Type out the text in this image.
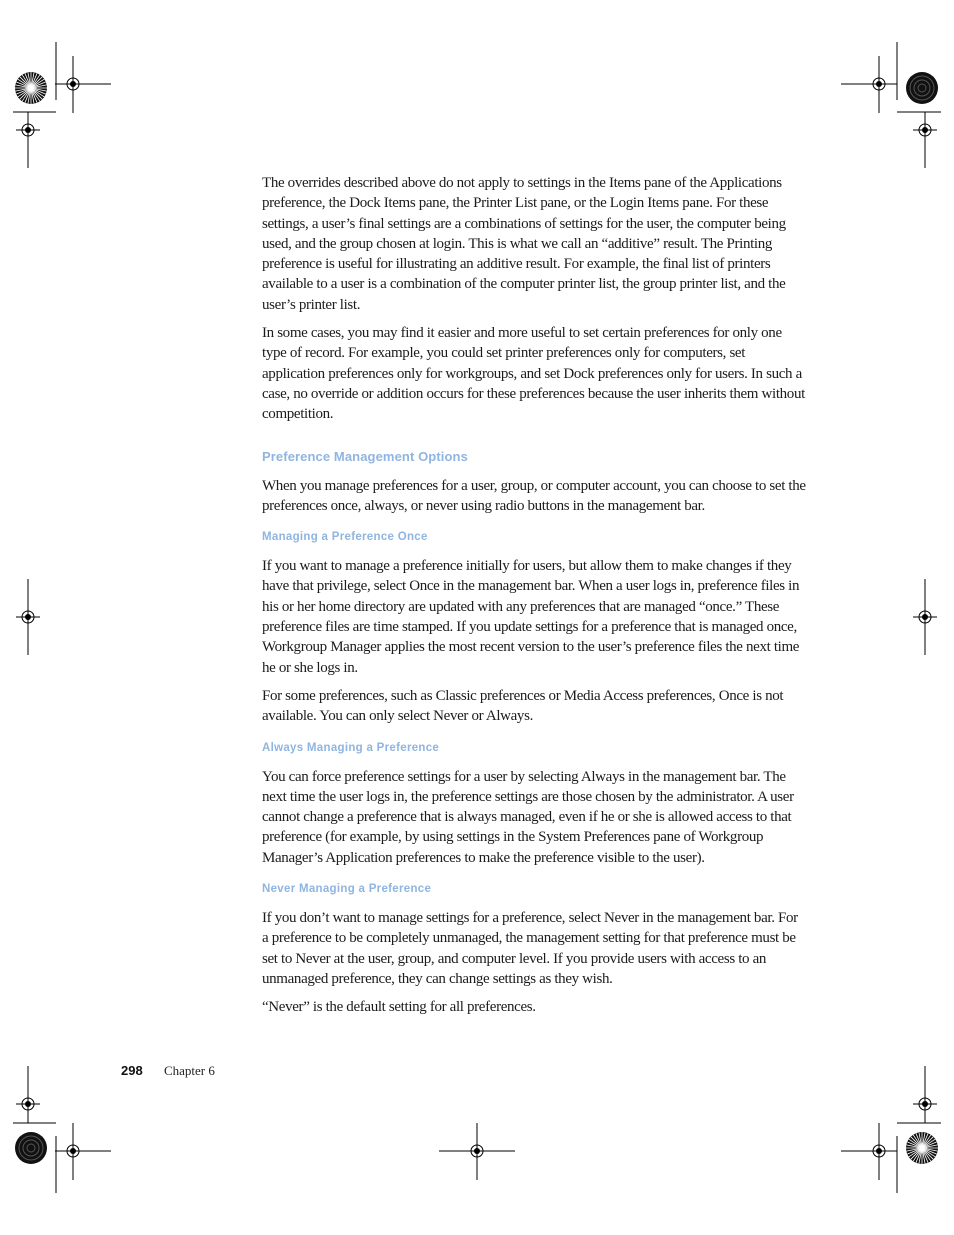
The overrides described above do not apply to settings in the Items pane of the Applications preference, the Dock Items pane, the Printer List pane, or the Login Items pane. For these settings, a user’s final settings are a combinations of settings for the user, the computer being used, and the group chosen at login. This is what we call an “additive” result. The Printing preference is useful for illustrating an additive result. For example, the final list of printers available to a user is a combination of the computer printer list, the group printer list, and the user’s printer list.

In some cases, you may find it easier and more useful to set certain preferences for only one type of record. For example, you could set printer preferences only for computers, set application preferences only for workgroups, and set Dock preferences only for users. In such a case, no override or addition occurs for these preferences because the user inherits them without competition.

Preference Management Options

When you manage preferences for a user, group, or computer account, you can choose to set the preferences once, always, or never using radio buttons in the management bar.

Managing a Preference Once

If you want to manage a preference initially for users, but allow them to make changes if they have that privilege, select Once in the management bar. When a user logs in, preference files in his or her home directory are updated with any preferences that are managed “once.” These preference files are time stamped. If you update settings for a preference that is managed once, Workgroup Manager applies the most recent version to the user’s preference files the next time he or she logs in.

For some preferences, such as Classic preferences or Media Access preferences, Once is not available. You can only select Never or Always.

Always Managing a Preference

You can force preference settings for a user by selecting Always in the management bar. The next time the user logs in, the preference settings are those chosen by the administrator. A user cannot change a preference that is always managed, even if he or she is allowed access to that preference (for example, by using settings in the System Preferences pane of Workgroup Manager’s Application preferences to make the preference visible to the user).

Never Managing a Preference

If you don’t want to manage settings for a preference, select Never in the management bar. For a preference to be completely unmanaged, the management setting for that preference must be set to Never at the user, group, and computer level. If you provide users with access to an unmanaged preference, they can change settings as they wish.

“Never” is the default setting for all preferences.

298 Chapter 6
